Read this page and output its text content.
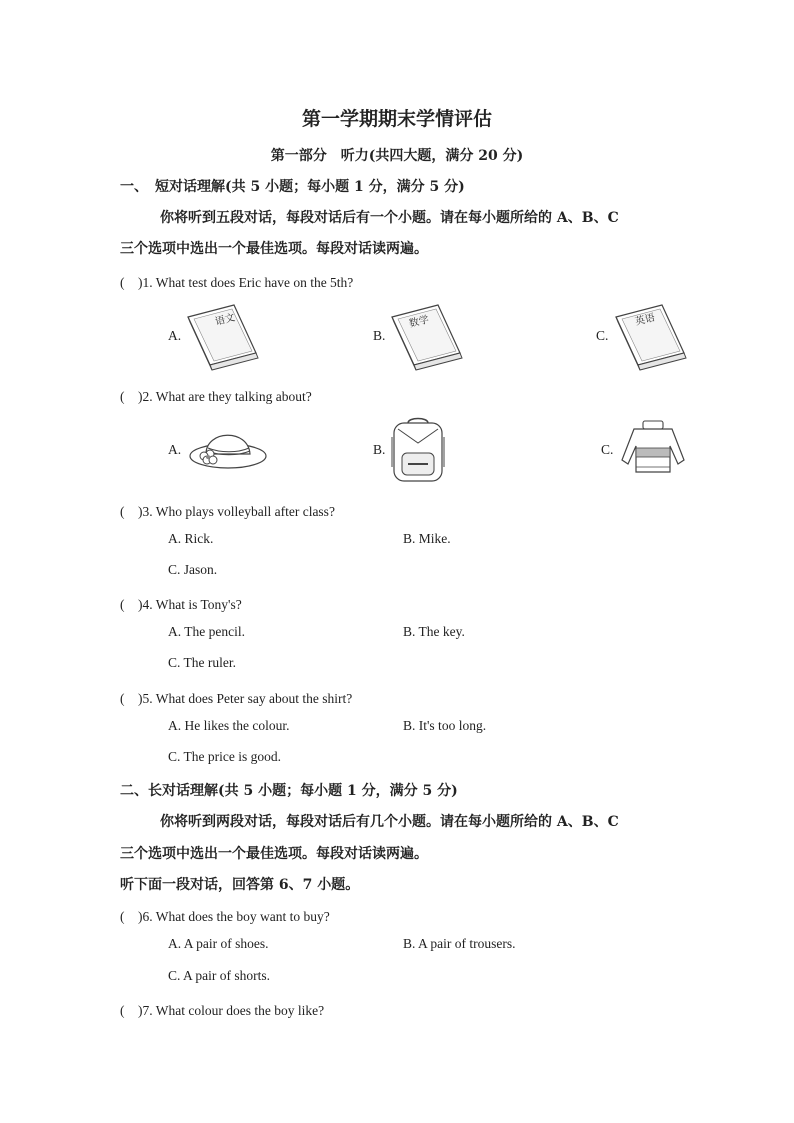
第一学期期末学情评估
第一部分　听力(共四大题，满分 20 分)
一、　短对话理解(共 5 小题；每小题 1 分，满分 5 分)
你将听到五段对话，每段对话后有一个小题。请在每小题所给的 A、B、C
三个选项中选出一个最佳选项。每段对话读两遍。
(　)1. What test does Eric have on the 5th?
A.
语文
B.
数学
C.
英语
(　)2. What are they talking about?
A.	B.	C.
(　)3. Who plays volleyball after class?
A. Rick.	B. Mike.
C. Jason.
(　)4. What is Tony's?
A. The pencil.	B. The key.
C. The ruler.
(　)5. What does Peter say about the shirt?
A. He likes the colour.	B. It's too long.
C. The price is good.
二、长对话理解(共 5 小题；每小题 1 分，满分 5 分)
你将听到两段对话，每段对话后有几个小题。请在每小题所给的 A、B、C
三个选项中选出一个最佳选项。每段对话读两遍。
听下面一段对话，回答第 6、7 小题。
(　)6. What does the boy want to buy?
A. A pair of shoes.	B. A pair of trousers.
C. A pair of shorts.
(　)7. What colour does the boy like?
